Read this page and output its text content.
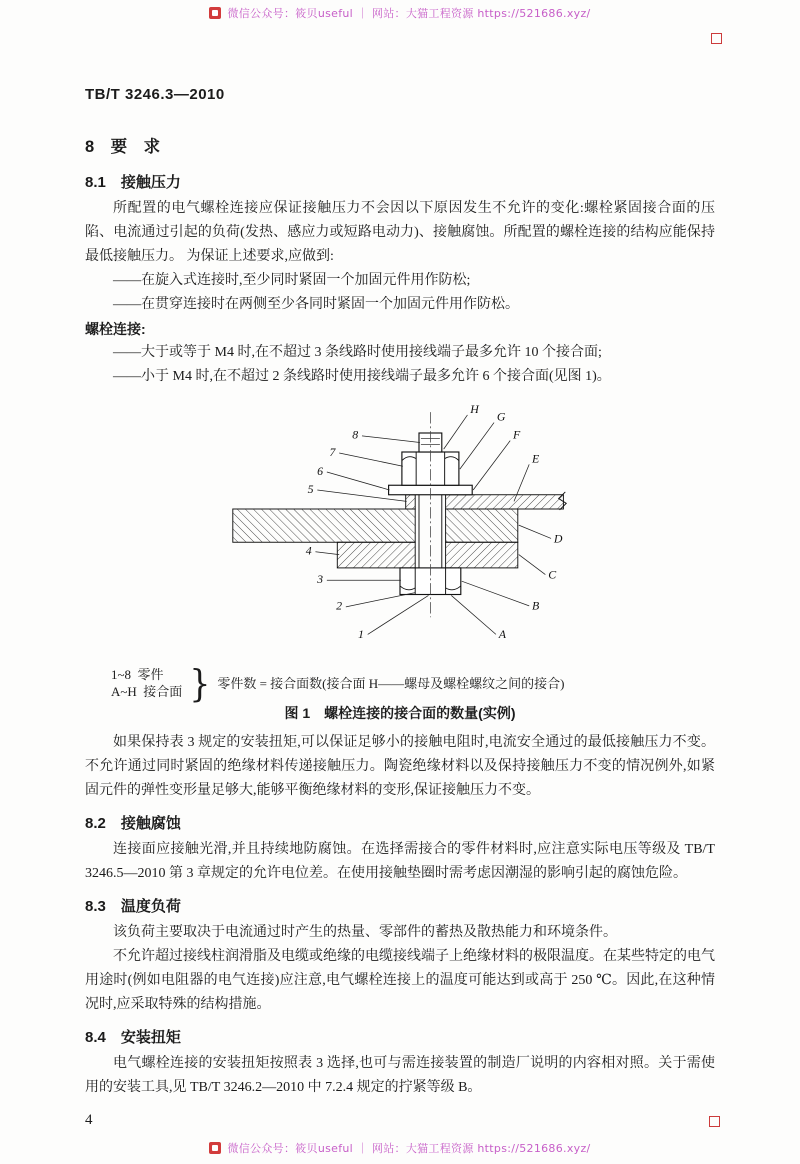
微信公众号：筱贝useful ｜ 网站：大猫工程资源 https://521686.xyz/
TB/T 3246.3—2010
8　要　求
8.1　接触压力

所配置的电气螺栓连接应保证接触压力不会因以下原因发生不允许的变化:螺栓紧固接合面的压陷、电流通过引起的负荷(发热、感应力或短路电动力)、接触腐蚀。所配置的螺栓连接的结构应能保持最低接触压力。 为保证上述要求,应做到:

——在旋入式连接时,至少同时紧固一个加固元件用作防松;

——在贯穿连接时在两侧至少各同时紧固一个加固元件用作防松。

螺栓连接:

——大于或等于 M4 时,在不超过 3 条线路时使用接线端子最多允许 10 个接合面;

——小于 M4 时,在不超过 2 条线路时使用接线端子最多允许 6 个接合面(见图 1)。

8
7
6
5
4
3
2
1
H
G
F
E
D
C
B
A
1~8  零件
A~H  接合面 } 零件数 = 接合面数(接合面 H——螺母及螺栓螺纹之间的接合)
图 1　螺栓连接的接合面的数量(实例)

如果保持表 3 规定的安装扭矩,可以保证足够小的接触电阻时,电流安全通过的最低接触压力不变。不允许通过同时紧固的绝缘材料传递接触压力。陶瓷绝缘材料以及保持接触压力不变的情况例外,如紧固元件的弹性变形量足够大,能够平衡绝缘材料的变形,保证接触压力不变。

8.2　接触腐蚀

连接面应接触光滑,并且持续地防腐蚀。在选择需接合的零件材料时,应注意实际电压等级及 TB/T 3246.5—2010 第 3 章规定的允许电位差。在使用接触垫圈时需考虑因潮湿的影响引起的腐蚀危险。

8.3　温度负荷

该负荷主要取决于电流通过时产生的热量、零部件的蓄热及散热能力和环境条件。

不允许超过接线柱润滑脂及电缆或绝缘的电缆接线端子上绝缘材料的极限温度。在某些特定的电气用途时(例如电阻器的电气连接)应注意,电气螺栓连接上的温度可能达到或高于 250 ℃。因此,在这种情况时,应采取特殊的结构措施。

8.4　安装扭矩

电气螺栓连接的安装扭矩按照表 3 选择,也可与需连接装置的制造厂说明的内容相对照。关于需使用的安装工具,见 TB/T 3246.2—2010 中 7.2.4 规定的拧紧等级 B。

4
微信公众号：筱贝useful ｜ 网站：大猫工程资源 https://521686.xyz/
